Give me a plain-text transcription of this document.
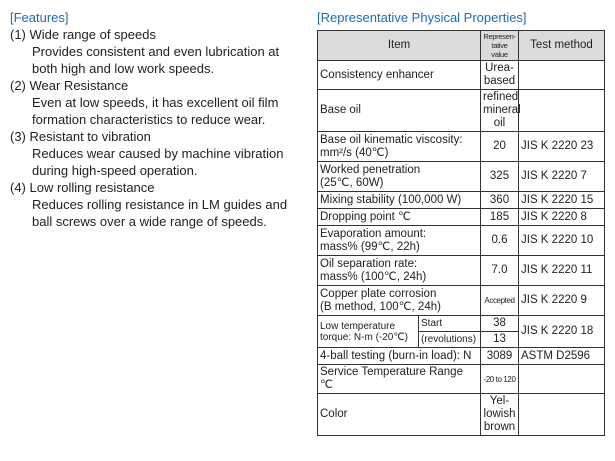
[Features]
(1) Wide range of speeds
Provides consistent and even lubrication at
both high and low work speeds.
(2) Wear Resistance
Even at low speeds, it has excellent oil film
formation characteristics to reduce wear.
(3) Resistant to vibration
Reduces wear caused by machine vibration
during high-speed operation.
(4) Low rolling resistance
Reduces rolling resistance in LM guides and
ball screws over a wide range of speeds.
[Representative Physical Properties]
Item		Represen-
tative value	Test method
Consistency enhancer		Urea-
based	

Base oil		refined
mineral
oil	

Base oil kinematic viscosity:
mm²/s (40℃)		20	JIS K 2220 23

Worked penetration
(25℃, 60W)		325	JIS K 2220 7
Mixing stability (100,000 W)		360	JIS K 2220 15
Dropping point ℃		185	JIS K 2220 8

Evaporation amount:
mass% (99℃, 22h)		0.6	JIS K 2220 10

Oil separation rate:
mass% (100℃, 24h)		7.0	JIS K 2220 11

Copper plate corrosion
(B method, 100℃, 24h)		Accepted	JIS K 2220 9

Low temperature
torque: N-m (-20℃)	Start	38	JIS K 2220 18
	(revolutions)	13	
4-ball testing (burn-in load): N		3089	ASTM D2596
Service Temperature Range ℃		-20 to 120	
Color		Yel-
lowish
brown	
